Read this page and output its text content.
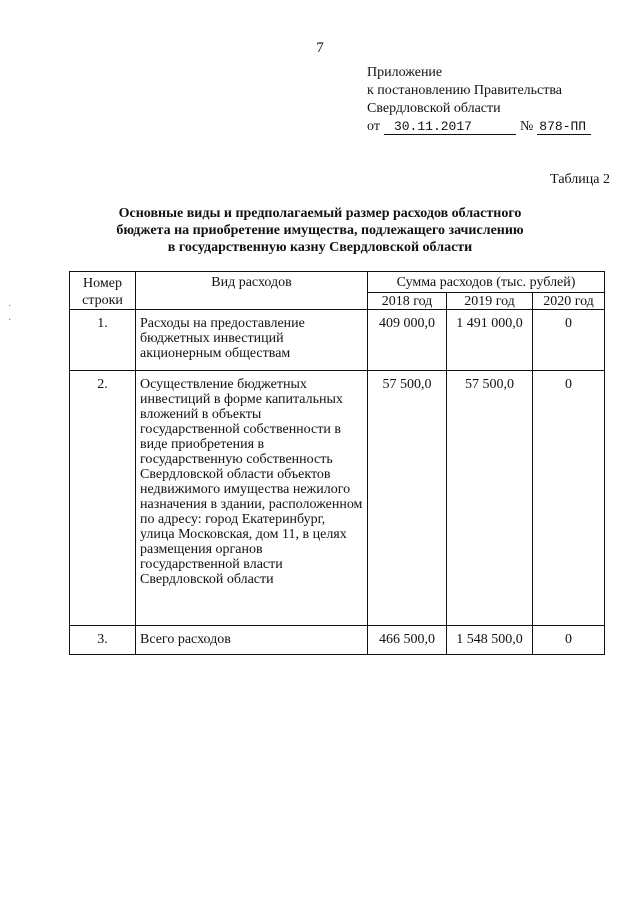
7
Приложение
к постановлению Правительства
Свердловской области
от	30.11.2017	№ 878-ПП
Таблица 2
Основные виды и предполагаемый размер расходов областного
бюджета на приобретение имущества, подлежащего зачислению
в государственную казну Свердловской области
·
·
Номер строки	Вид расходов	Сумма расходов (тыс. рублей)		
		2018 год	2019 год	2020 год
1.	Расходы на предоставление бюджетных инвестиций акционерным обществам	409 000,0	1 491 000,0	0
2.	Осуществление бюджетных инвестиций в форме капитальных вложений в объекты государственной собственности в виде приобретения в государственную собственность Свердловской области объектов недвижимого имущества нежилого назначения в здании, расположенном по адресу: город Екатеринбург, улица Московская, дом 11, в целях размещения органов государственной власти Свердловской области	57 500,0	57 500,0	0
3.	Всего расходов	466 500,0	1 548 500,0	0
